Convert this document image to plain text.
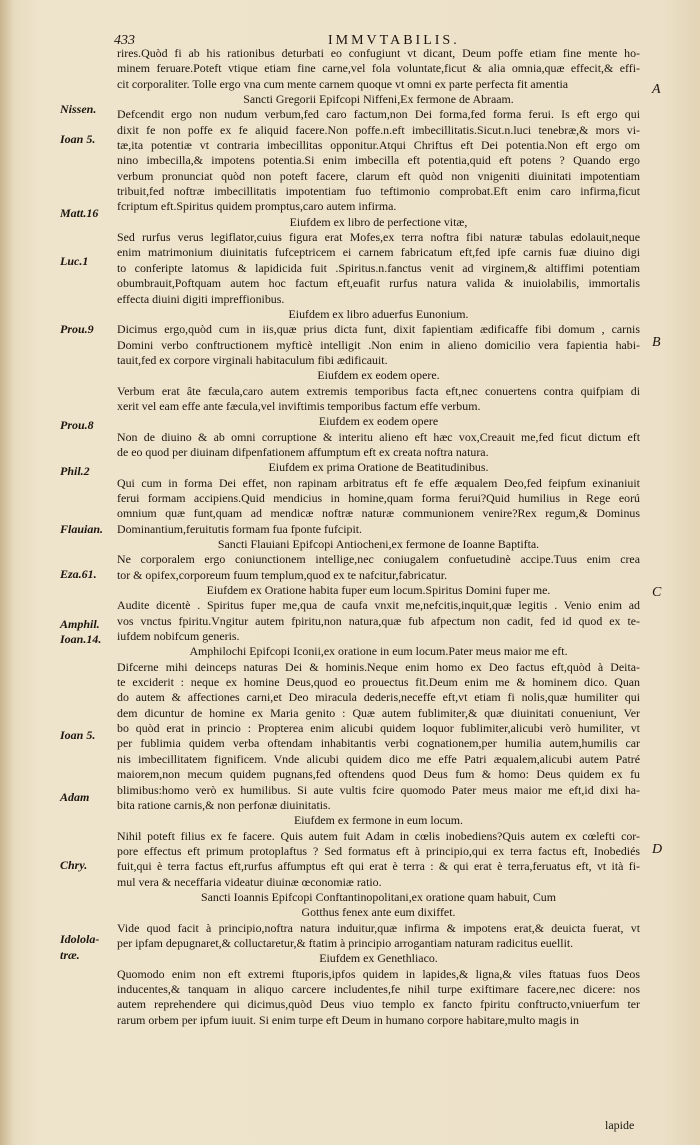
433	IMMVTABILIS.
Nissen.
Ioan 5.
Matt.16
Luc.1
Prou.9
Prou.8
Phil.2
Flauian.
Eza.61.
Amphil.
Ioan.14.
Ioan 5.
Adam
Chry.
Idolola-
træ.
A
B
C
D
rires.Quòd fi ab his rationibus deturbati eo confugiunt vt dicant, Deum poffe etiam fine mente ho-
minem feruare.Poteft vtique etiam fine carne,vel fola voluntate,ficut & alia omnia,quæ effecit,& effi-
cit corporaliter. Tolle ergo vna cum mente carnem quoque vt omni ex parte perfecta fit amentia
Sancti Gregorii Epifcopi Niffeni,Ex fermone de Abraam.
Defcendit ergo non nudum verbum,fed caro factum,non Dei forma,fed forma ferui. Is eft ergo qui
dixit fe non poffe ex fe aliquid facere.Non poffe.n.eft imbecillitatis.Sicut.n.luci tenebræ,& mors vi-
tæ,ita potentiæ vt contraria imbecillitas opponitur.Atqui Chriftus eft Dei potentia.Non eft ergo om
nino imbecilla,& impotens potentia.Si enim imbecilla eft potentia,quid eft potens ? Quando ergo
verbum pronunciat quòd non poteft facere, clarum eft quòd non vnigeniti diuinitati impotentiam
tribuit,fed noftræ imbecillitatis impotentiam fuo teftimonio comprobat.Eft enim caro infirma,ficut
fcriptum eft.Spiritus quidem promptus,caro autem infirma.
Eiufdem ex libro de perfectione vitæ,
Sed rurfus verus legiflator,cuius figura erat Mofes,ex terra noftra fibi naturæ tabulas edolauit,neque
enim matrimonium diuinitatis fufceptricem ei carnem fabricatum eft,fed ipfe carnis fuæ diuino digi
to conferipte latomus & lapidicida fuit .Spiritus.n.fanctus venit ad virginem,& altiffimi potentiam
obumbrauit,Poftquam autem hoc factum eft,euafit rurfus natura valida & inuiolabilis, immortalis
effecta diuini digiti impreffionibus.
Eiufdem ex libro aduerfus Eunonium.
Dicimus ergo,quòd cum in iis,quæ prius dicta funt, dixit fapientiam ædificaffe fibi domum , carnis
Domini verbo conftructionem myfticè intelligit .Non enim in alieno domicilio vera fapientia habi-
tauit,fed ex corpore virginali habitaculum fibi ædificauit.
Eiufdem ex eodem opere.
Verbum erat âte fæcula,caro autem extremis temporibus facta eft,nec conuertens contra quifpiam di
xerit vel eam effe ante fæcula,vel inviftimis temporibus factum effe verbum.
Eiufdem ex eodem opere
Non de diuino & ab omni corruptione & interitu alieno eft hæc vox,Creauit me,fed ficut dictum eft
de eo quod per diuinam difpenfationem affumptum eft ex creata noftra natura.
Eiufdem ex prima Oratione de Beatitudinibus.
Qui cum in forma Dei effet, non rapinam arbitratus eft fe effe æqualem Deo,fed feipfum exinaniuit
ferui formam accipiens.Quid mendicius in homine,quam forma ferui?Quid humilius in Rege eorú
omnium quæ funt,quam ad mendicæ noftræ naturæ communionem venire?Rex regum,& Dominus
Dominantium,feruitutis formam fua fponte fufcipit.
Sancti Flauiani Epifcopi Antiocheni,ex fermone de Ioanne Baptifta.
Ne corporalem ergo coniunctionem intellige,nec coniugalem confuetudinè accipe.Tuus enim crea
tor & opifex,corporeum fuum templum,quod ex te nafcitur,fabricatur.
Eiufdem ex Oratione habita fuper eum locum.Spiritus Domini fuper me.
Audite dicentè . Spiritus fuper me,qua de caufa vnxit me,nefcitis,inquit,quæ legitis . Venio enim ad
vos vnctus fpiritu.Vngitur autem fpiritu,non natura,quæ fub afpectum non cadit, fed id quod ex te-
iufdem nobifcum generis.
Amphilochi Epifcopi Iconii,ex oratione in eum locum.Pater meus maior me eft.
Difcerne mihi deinceps naturas Dei & hominis.Neque enim homo ex Deo factus eft,quòd à Deita-
te exciderit : neque ex homine Deus,quod eo prouectus fit.Deum enim me & hominem dico. Quan
do autem & affectiones carni,et Deo miracula dederis,neceffe eft,vt etiam fi nolis,quæ humiliter qui
dem dicuntur de homine ex Maria genito : Quæ autem fublimiter,& quæ diuinitati conueniunt, Ver
bo quòd erat in princio : Propterea enim alicubi quidem loquor fublimiter,alicubi verò humiliter, vt
per fublimia quidem verba oftendam inhabitantis verbi cognationem,per humilia autem,humilis car
nis imbecillitatem fignificem. Vnde alicubi quidem dico me effe Patri æqualem,alicubi autem Patré
maiorem,non mecum quidem pugnans,fed oftendens quod Deus fum & homo: Deus quidem ex fu
blimibus:homo verò ex humilibus. Si aute vultis fcire quomodo Pater meus maior me eft,id dixi ha-
bita ratione carnis,& non perfonæ diuinitatis.
Eiufdem ex fermone in eum locum.
Nihil poteft filius ex fe facere. Quis autem fuit Adam in cœlis inobediens?Quis autem ex cœlefti cor-
pore effectus eft primum protoplaftus ? Sed formatus eft à principio,qui ex terra factus eft, Inobediés
fuit,qui è terra factus eft,rurfus affumptus eft qui erat è terra : & qui erat è terra,feruatus eft, vt ità fi-
mul vera & neceffaria videatur diuinæ œconomiæ ratio.
Sancti Ioannis Epifcopi Conftantinopolitani,ex oratione quam habuit, Cum
Gotthus fenex ante eum dixiffet.
Vide quod facit à principio,noftra natura induitur,quæ infirma & impotens erat,& deuicta fuerat, vt
per ipfam depugnaret,& colluctaretur,& ftatim à principio arrogantiam naturam radicitus euellit.
Eiufdem ex Genethliaco.
Quomodo enim non eft extremi ftuporis,ipfos quidem in lapides,& ligna,& viles ftatuas fuos Deos
inducentes,& tanquam in aliquo carcere includentes,fe nihil turpe exiftimare facere,nec dicere: nos
autem reprehendere qui dicimus,quòd Deus viuo templo ex fancto fpiritu conftructo,vniuerfum ter
rarum orbem per ipfum iuuit. Si enim turpe eft Deum in humano corpore habitare,multo magis in
lapide
